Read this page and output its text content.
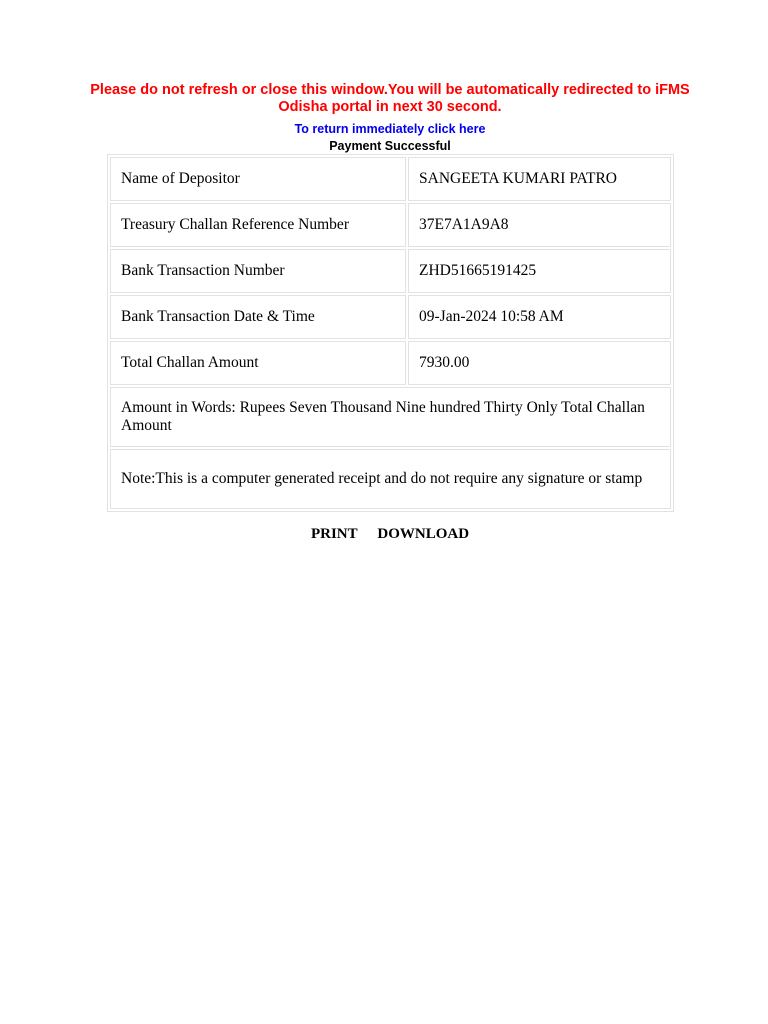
Please do not refresh or close this window.You will be automatically redirected to iFMS Odisha portal in next 30 second.
To return immediately click here
Payment Successful
Name of Depositor	SANGEETA KUMARI PATRO
Treasury Challan Reference Number	37E7A1A9A8
Bank Transaction Number	ZHD51665191425
Bank Transaction Date & Time	09-Jan-2024 10:58 AM
Total Challan Amount	7930.00
Amount in Words: Rupees Seven Thousand Nine hundred Thirty Only Total Challan Amount	
Note:This is a computer generated receipt and do not require any signature or stamp	
PRINT DOWNLOAD
